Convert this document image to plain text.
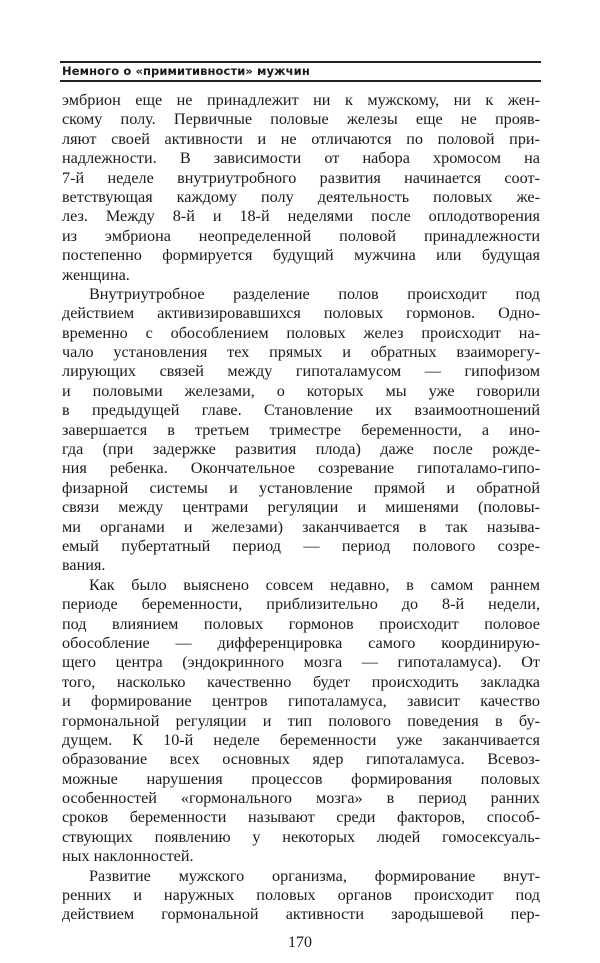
Немного о «примитивности» мужчин
эмбрион еще не принадлежит ни к мужскому, ни к жен-
скому полу. Первичные половые железы еще не прояв-
ляют своей активности и не отличаются по половой при-
надлежности. В зависимости от набора хромосом на
7-й неделе внутриутробного развития начинается соот-
ветствующая каждому полу деятельность половых же-
лез. Между 8-й и 18-й неделями после оплодотворения
из эмбриона неопределенной половой принадлежности
постепенно формируется будущий мужчина или будущая
женщина.
Внутриутробное разделение полов происходит под
действием активизировавшихся половых гормонов. Одно-
временно с обособлением половых желез происходит на-
чало установления тех прямых и обратных взаиморегу-
лирующих связей между гипоталамусом — гипофизом
и половыми железами, о которых мы уже говорили
в предыдущей главе. Становление их взаимоотношений
завершается в третьем триместре беременности, а ино-
гда (при задержке развития плода) даже после рожде-
ния ребенка. Окончательное созревание гипоталамо-гипо-
физарной системы и установление прямой и обратной
связи между центрами регуляции и мишенями (половы-
ми органами и железами) заканчивается в так называ-
емый пубертатный период — период полового созре-
вания.
Как было выяснено совсем недавно, в самом раннем
периоде беременности, приблизительно до 8-й недели,
под влиянием половых гормонов происходит половое
обособление — дифференцировка самого координирую-
щего центра (эндокринного мозга — гипоталамуса). От
того, насколько качественно будет происходить закладка
и формирование центров гипоталамуса, зависит качество
гормональной регуляции и тип полового поведения в бу-
дущем. К 10-й неделе беременности уже заканчивается
образование всех основных ядер гипоталамуса. Всевоз-
можные нарушения процессов формирования половых
особенностей «гормонального мозга» в период ранних
сроков беременности называют среди факторов, способ-
ствующих появлению у некоторых людей гомосексуаль-
ных наклонностей.
Развитие мужского организма, формирование внут-
ренних и наружных половых органов происходит под
действием гормональной активности зародышевой пер-
170
